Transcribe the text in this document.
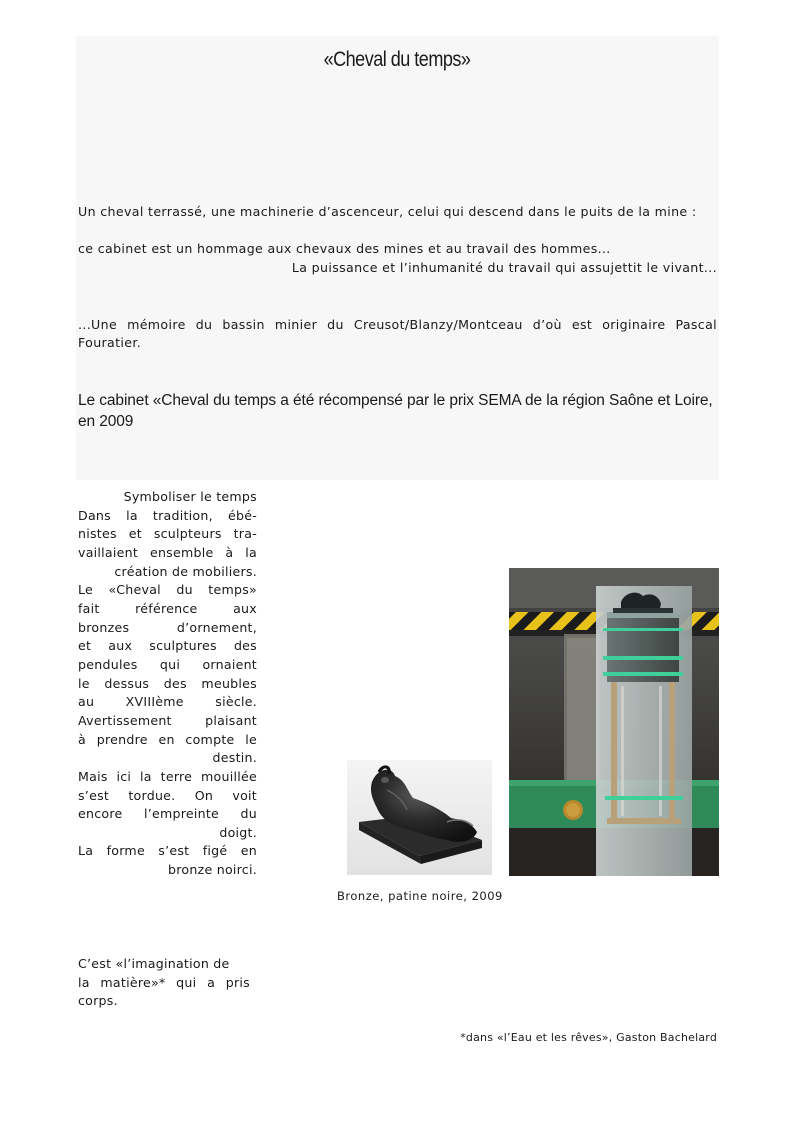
«Cheval du temps»
Un cheval terrassé, une machinerie d’ascenceur, celui qui descend dans le puits de la mine :
ce cabinet est un hommage aux chevaux des mines et au travail des hommes...
La puissance et l’inhumanité du travail qui assujettit le vivant...
...Une mémoire du bassin minier du Creusot/Blanzy/Montceau d’où est originaire Pascal Fouratier.
Le cabinet «Cheval du temps a été récompensé par le prix SEMA de la région Saône et Loire, en 2009
Symboliser le temps
Dans la tradition, ébé-
nistes et sculpteurs tra-
vaillaient ensemble à la
création de mobiliers.
Le «Cheval du temps»
fait référence aux
bronzes d’ornement,
et aux sculptures des
pendules qui ornaient
le dessus des meubles
au XVIIIème siècle.
Avertissement plaisant
à prendre en compte le
destin.
Mais ici la terre mouillée
s’est tordue. On voit
encore l’empreinte du
doigt.
La forme s’est figé en
bronze noirci.
C’est «l’imagination de
la matière»* qui a pris
corps.
Bronze, patine noire, 2009
*dans «l’Eau et les rêves», Gaston Bachelard
